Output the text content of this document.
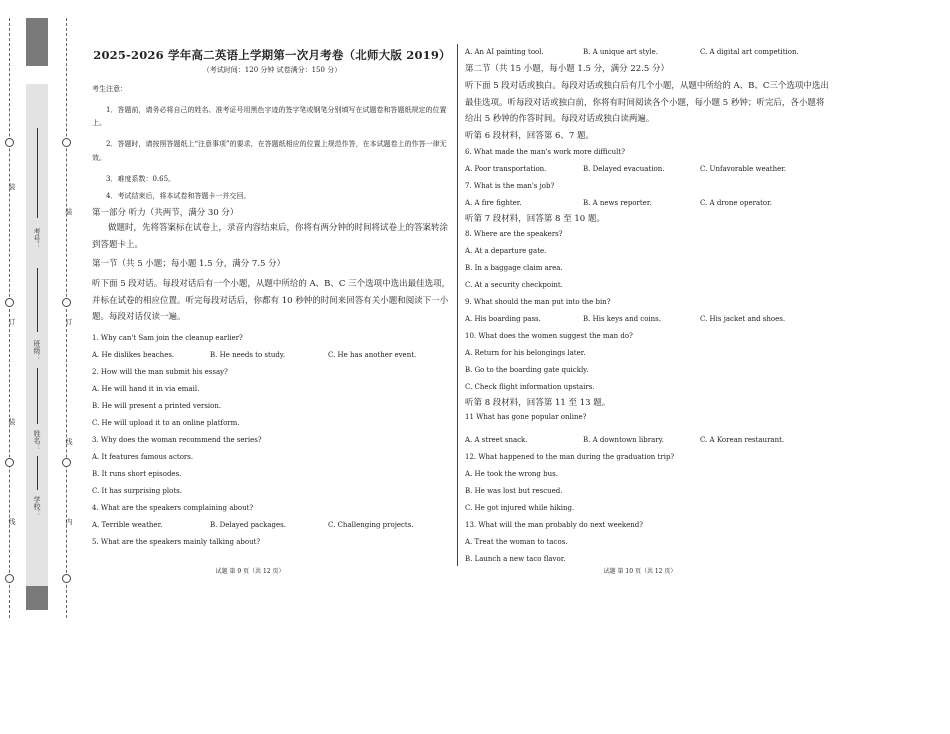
装
订
装
线
装
订
线
内
考号：
班级：
姓名：
学校：
2025-2026 学年高二英语上学期第一次月考卷（北师大版 2019）
（考试时间：120 分钟 试卷满分：150 分）

考生注意：

1．答题前，请务必将自己的姓名、准考证号用黑色字迹的签字笔或钢笔分别填写在试题卷和答题纸规定的位置上。

2．答题时，请按照答题纸上“注意事项”的要求，在答题纸相应的位置上规范作答，在本试题卷上的作答一律无效。

3．难度系数：0.65。

4．考试结束后，将本试卷和答题卡一并交回。

第一部分 听力（共两节，满分 30 分）

做题时，先将答案标在试卷上，录音内容结束后，你将有两分钟的时间将试卷上的答案转涂到答题卡上。

第一节（共 5 小题；每小题 1.5 分，满分 7.5 分）

听下面 5 段对话。每段对话后有一个小题，从题中所给的 A、B、C 三个选项中选出最佳选项，并标在试卷的相应位置。听完每段对话后，你都有 10 秒钟的时间来回答有关小题和阅读下一小题。每段对话仅读一遍。

1. Why can't Sam join the cleanup earlier?

A. He dislikes beaches.	B. He needs to study.	C. He has another event.

2. How will the man submit his essay?

A. He will hand it in via email.

B. He will present a printed version.

C. He will upload it to an online platform.

3. Why does the woman recommend the series?

A. It features famous actors.

B. It runs short episodes.

C. It has surprising plots.

4. What are the speakers complaining about?

A. Terrible weather.	B. Delayed packages.	C. Challenging projects.

5. What are the speakers mainly talking about?

A. An AI painting tool.	B. A unique art style.	C. A digital art competition.

第二节（共 15 小题，每小题 1.5 分，满分 22.5 分）

听下面 5 段对话或独白。每段对话或独白后有几个小题，从题中所给的 A、B、C三个选项中选出最佳选项。听每段对话或独白前，你将有时间阅读各个小题，每小题 5 秒钟；听完后，各小题将给出 5 秒钟的作答时间。每段对话或独白读两遍。

听第 6 段材料，回答第 6、7 题。

6. What made the man's work more difficult?

A. Poor transportation.	B. Delayed evacuation.	C. Unfavorable weather.

7. What is the man's job?

A. A fire fighter.	B. A news reporter.	C. A drone operator.

听第 7 段材料，回答第 8 至 10 题。

8. Where are the speakers?

A. At a departure gate.

B. In a baggage claim area.

C. At a security checkpoint.

9. What should the man put into the bin?

A. His boarding pass.	B. His keys and coins.	C. His jacket and shoes.

10. What does the women suggest the man do?

A. Return for his belongings later.

B. Go to the boarding gate quickly.

C. Check flight information upstairs.

听第 8 段材料，回答第 11 至 13 题。

11 What has gone popular online?

A. A street snack.	B. A downtown library.	C. A Korean restaurant.

12. What happened to the man during the graduation trip?

A. He took the wrong bus.

B. He was lost but rescued.

C. He got injured while hiking.

13. What will the man probably do next weekend?

A. Treat the woman to tacos.

B. Launch a new taco flavor.

试题 第 9 页（共 12 页）	试题 第 10 页（共 12 页）
